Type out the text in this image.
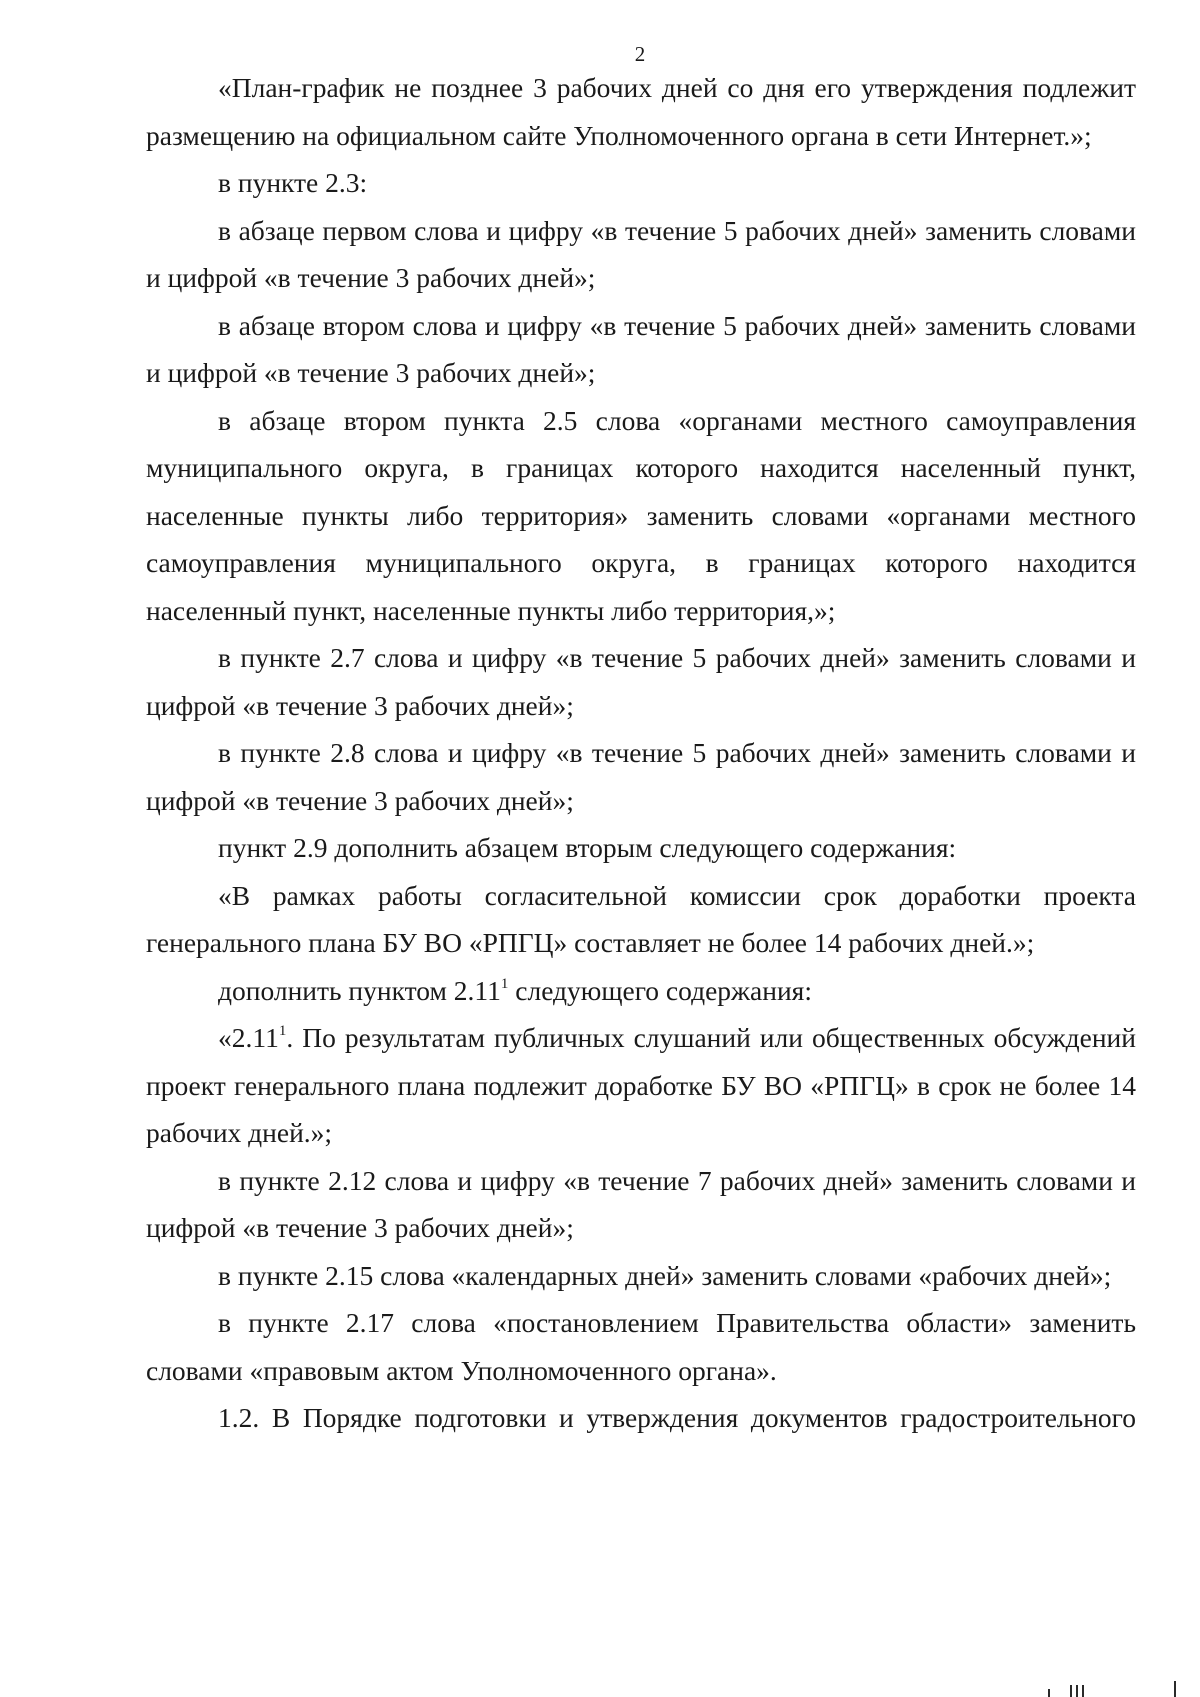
2

«План-график не позднее 3 рабочих дней со дня его утверждения подлежит размещению на официальном сайте Уполномоченного органа в сети Интернет.»;

в пункте 2.3:

в абзаце первом слова и цифру «в течение 5 рабочих дней» заменить словами и цифрой «в течение 3 рабочих дней»;

в абзаце втором слова и цифру «в течение 5 рабочих дней» заменить словами и цифрой «в течение 3 рабочих дней»;

в абзаце втором пункта 2.5 слова «органами местного самоуправления муниципального округа, в границах которого находится населенный пункт, населенные пункты либо территория» заменить словами «органами местного самоуправления муниципального округа, в границах которого находится населенный пункт, населенные пункты либо территория,»;

в пункте 2.7 слова и цифру «в течение 5 рабочих дней» заменить словами и цифрой «в течение 3 рабочих дней»;

в пункте 2.8 слова и цифру «в течение 5 рабочих дней» заменить словами и цифрой «в течение 3 рабочих дней»;

пункт 2.9 дополнить абзацем вторым следующего содержания:

«В рамках работы согласительной комиссии срок доработки проекта генерального плана БУ ВО «РПГЦ» составляет не более 14 рабочих дней.»;

дополнить пунктом 2.11$^1$ следующего содержания:

«2.11$^1$. По результатам публичных слушаний или общественных обсуждений проект генерального плана подлежит доработке БУ ВО «РПГЦ» в срок не более 14 рабочих дней.»;

в пункте 2.12 слова и цифру «в течение 7 рабочих дней» заменить словами и цифрой «в течение 3 рабочих дней»;

в пункте 2.15 слова «календарных дней» заменить словами «рабочих дней»;

в пункте 2.17 слова «постановлением Правительства области» заменить словами «правовым актом Уполномоченного органа».

1.2. В Порядке подготовки и утверждения документов градостроительного
